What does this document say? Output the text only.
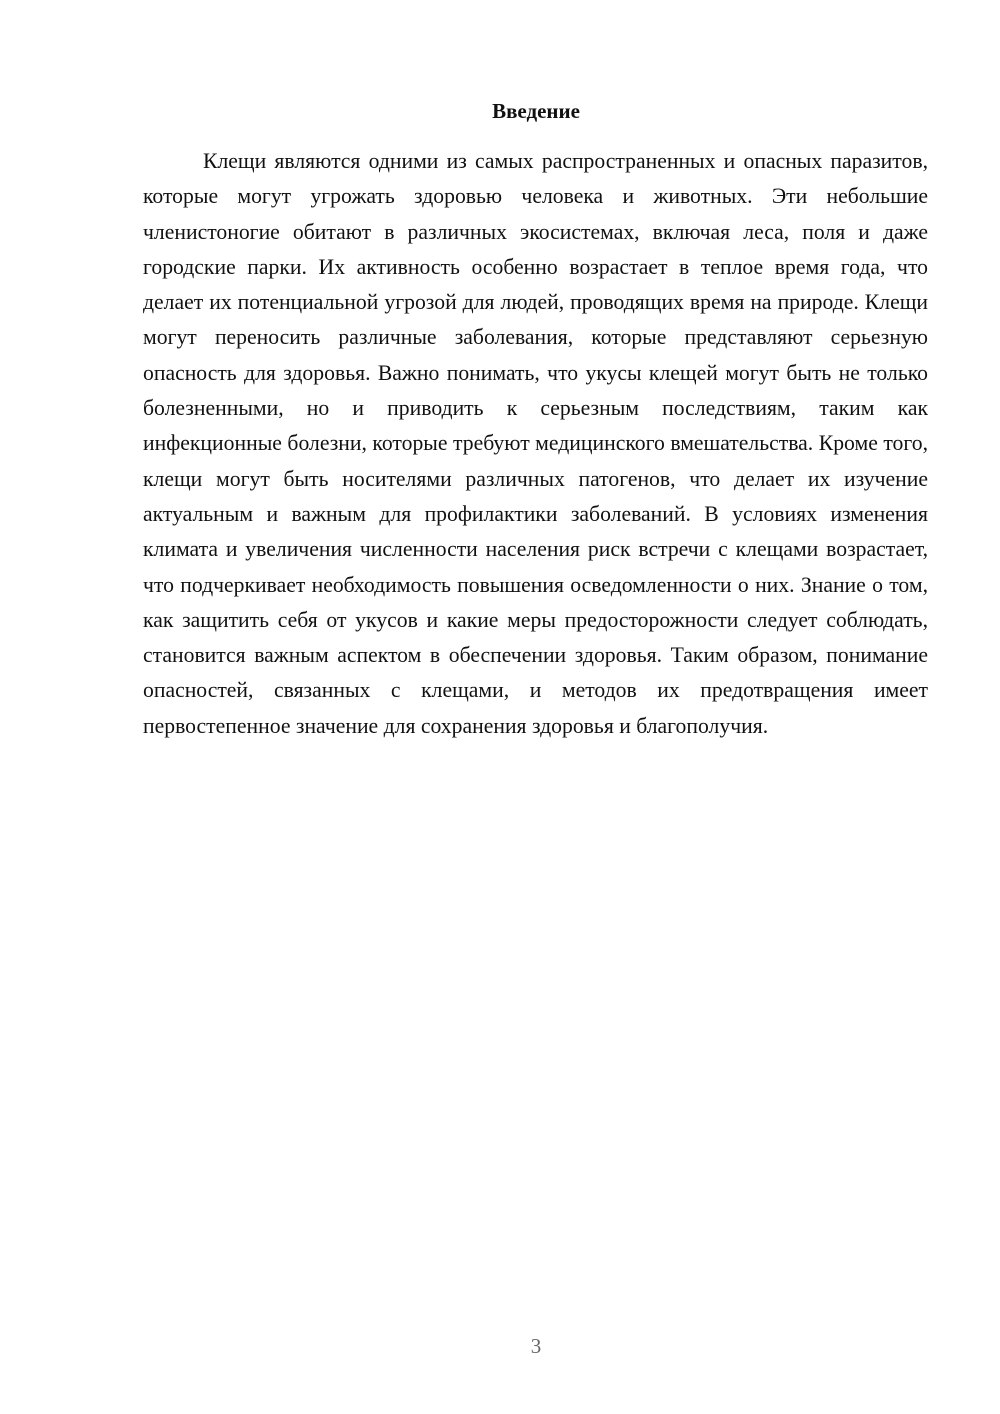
Введение

Клещи являются одними из самых распространенных и опасных паразитов, которые могут угрожать здоровью человека и животных. Эти небольшие членистоногие обитают в различных экосистемах, включая леса, поля и даже городские парки. Их активность особенно возрастает в теплое время года, что делает их потенциальной угрозой для людей, проводящих время на природе. Клещи могут переносить различные заболевания, которые представляют серьезную опасность для здоровья. Важно понимать, что укусы клещей могут быть не только болезненными, но и приводить к серьезным последствиям, таким как инфекционные болезни, которые требуют медицинского вмешательства. Кроме того, клещи могут быть носителями различных патогенов, что делает их изучение актуальным и важным для профилактики заболеваний. В условиях изменения климата и увеличения численности населения риск встречи с клещами возрастает, что подчеркивает необходимость повышения осведомленности о них. Знание о том, как защитить себя от укусов и какие меры предосторожности следует соблюдать, становится важным аспектом в обеспечении здоровья. Таким образом, понимание опасностей, связанных с клещами, и методов их предотвращения имеет первостепенное значение для сохранения здоровья и благополучия.

3
